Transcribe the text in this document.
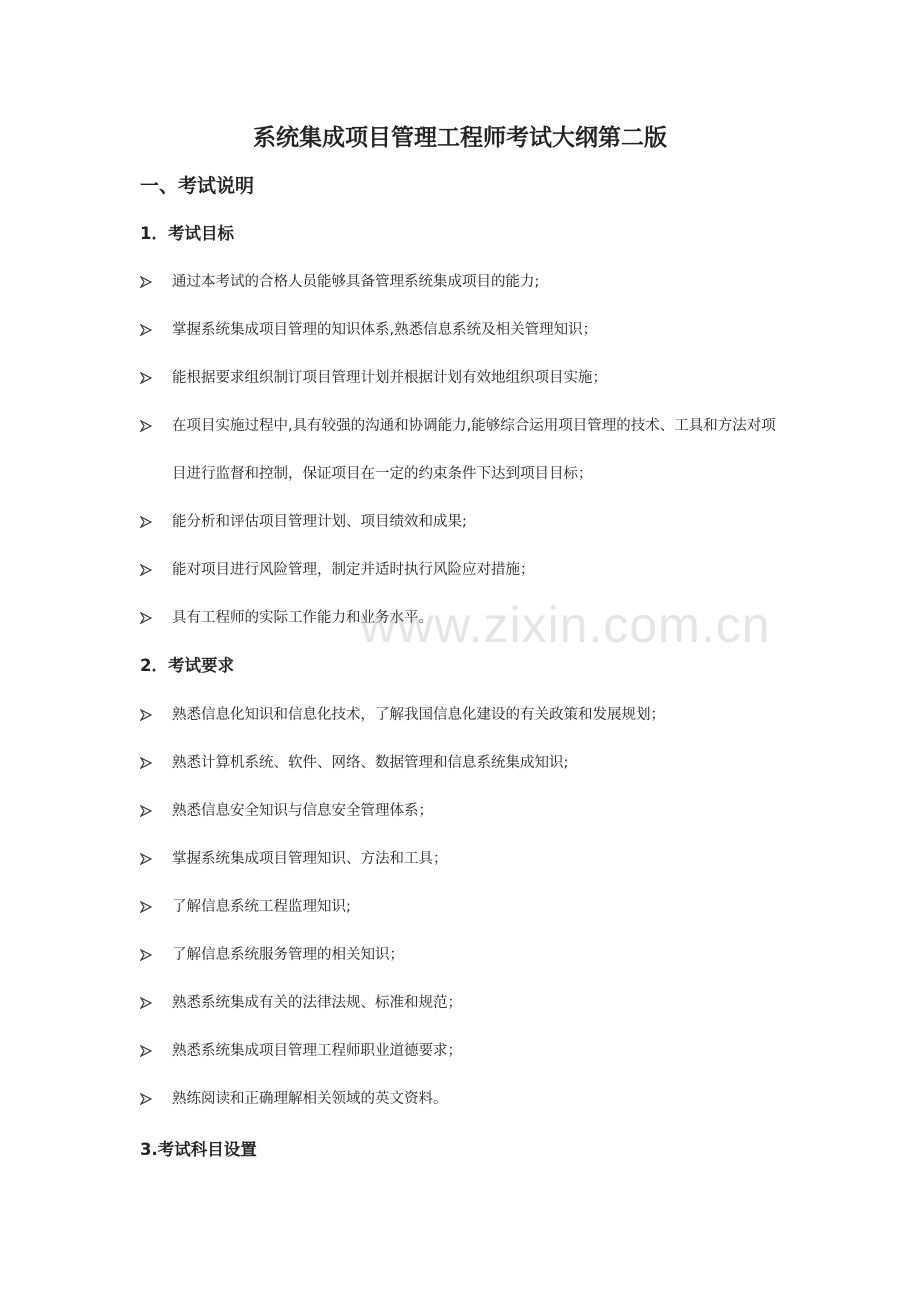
系统集成项目管理工程师考试大纲第二版
一、考试说明
1．考试目标
通过本考试的合格人员能够具备管理系统集成项目的能力;
掌握系统集成项目管理的知识体系,熟悉信息系统及相关管理知识；
能根据要求组织制订项目管理计划并根据计划有效地组织项目实施；
在项目实施过程中,具有较强的沟通和协调能力,能够综合运用项目管理的技术、工具和方法对项目进行监督和控制，保证项目在一定的约束条件下达到项目目标；
能分析和评估项目管理计划、项目绩效和成果;
能对项目进行风险管理，制定并适时执行风险应对措施；
具有工程师的实际工作能力和业务水平。
www.zixin.com.cn
2．考试要求
熟悉信息化知识和信息化技术，了解我国信息化建设的有关政策和发展规划；
熟悉计算机系统、软件、网络、数据管理和信息系统集成知识;
熟悉信息安全知识与信息安全管理体系；
掌握系统集成项目管理知识、方法和工具；
了解信息系统工程监理知识;
了解信息系统服务管理的相关知识；
熟悉系统集成有关的法律法规、标准和规范；
熟悉系统集成项目管理工程师职业道德要求；
熟练阅读和正确理解相关领域的英文资料。
3.考试科目设置
